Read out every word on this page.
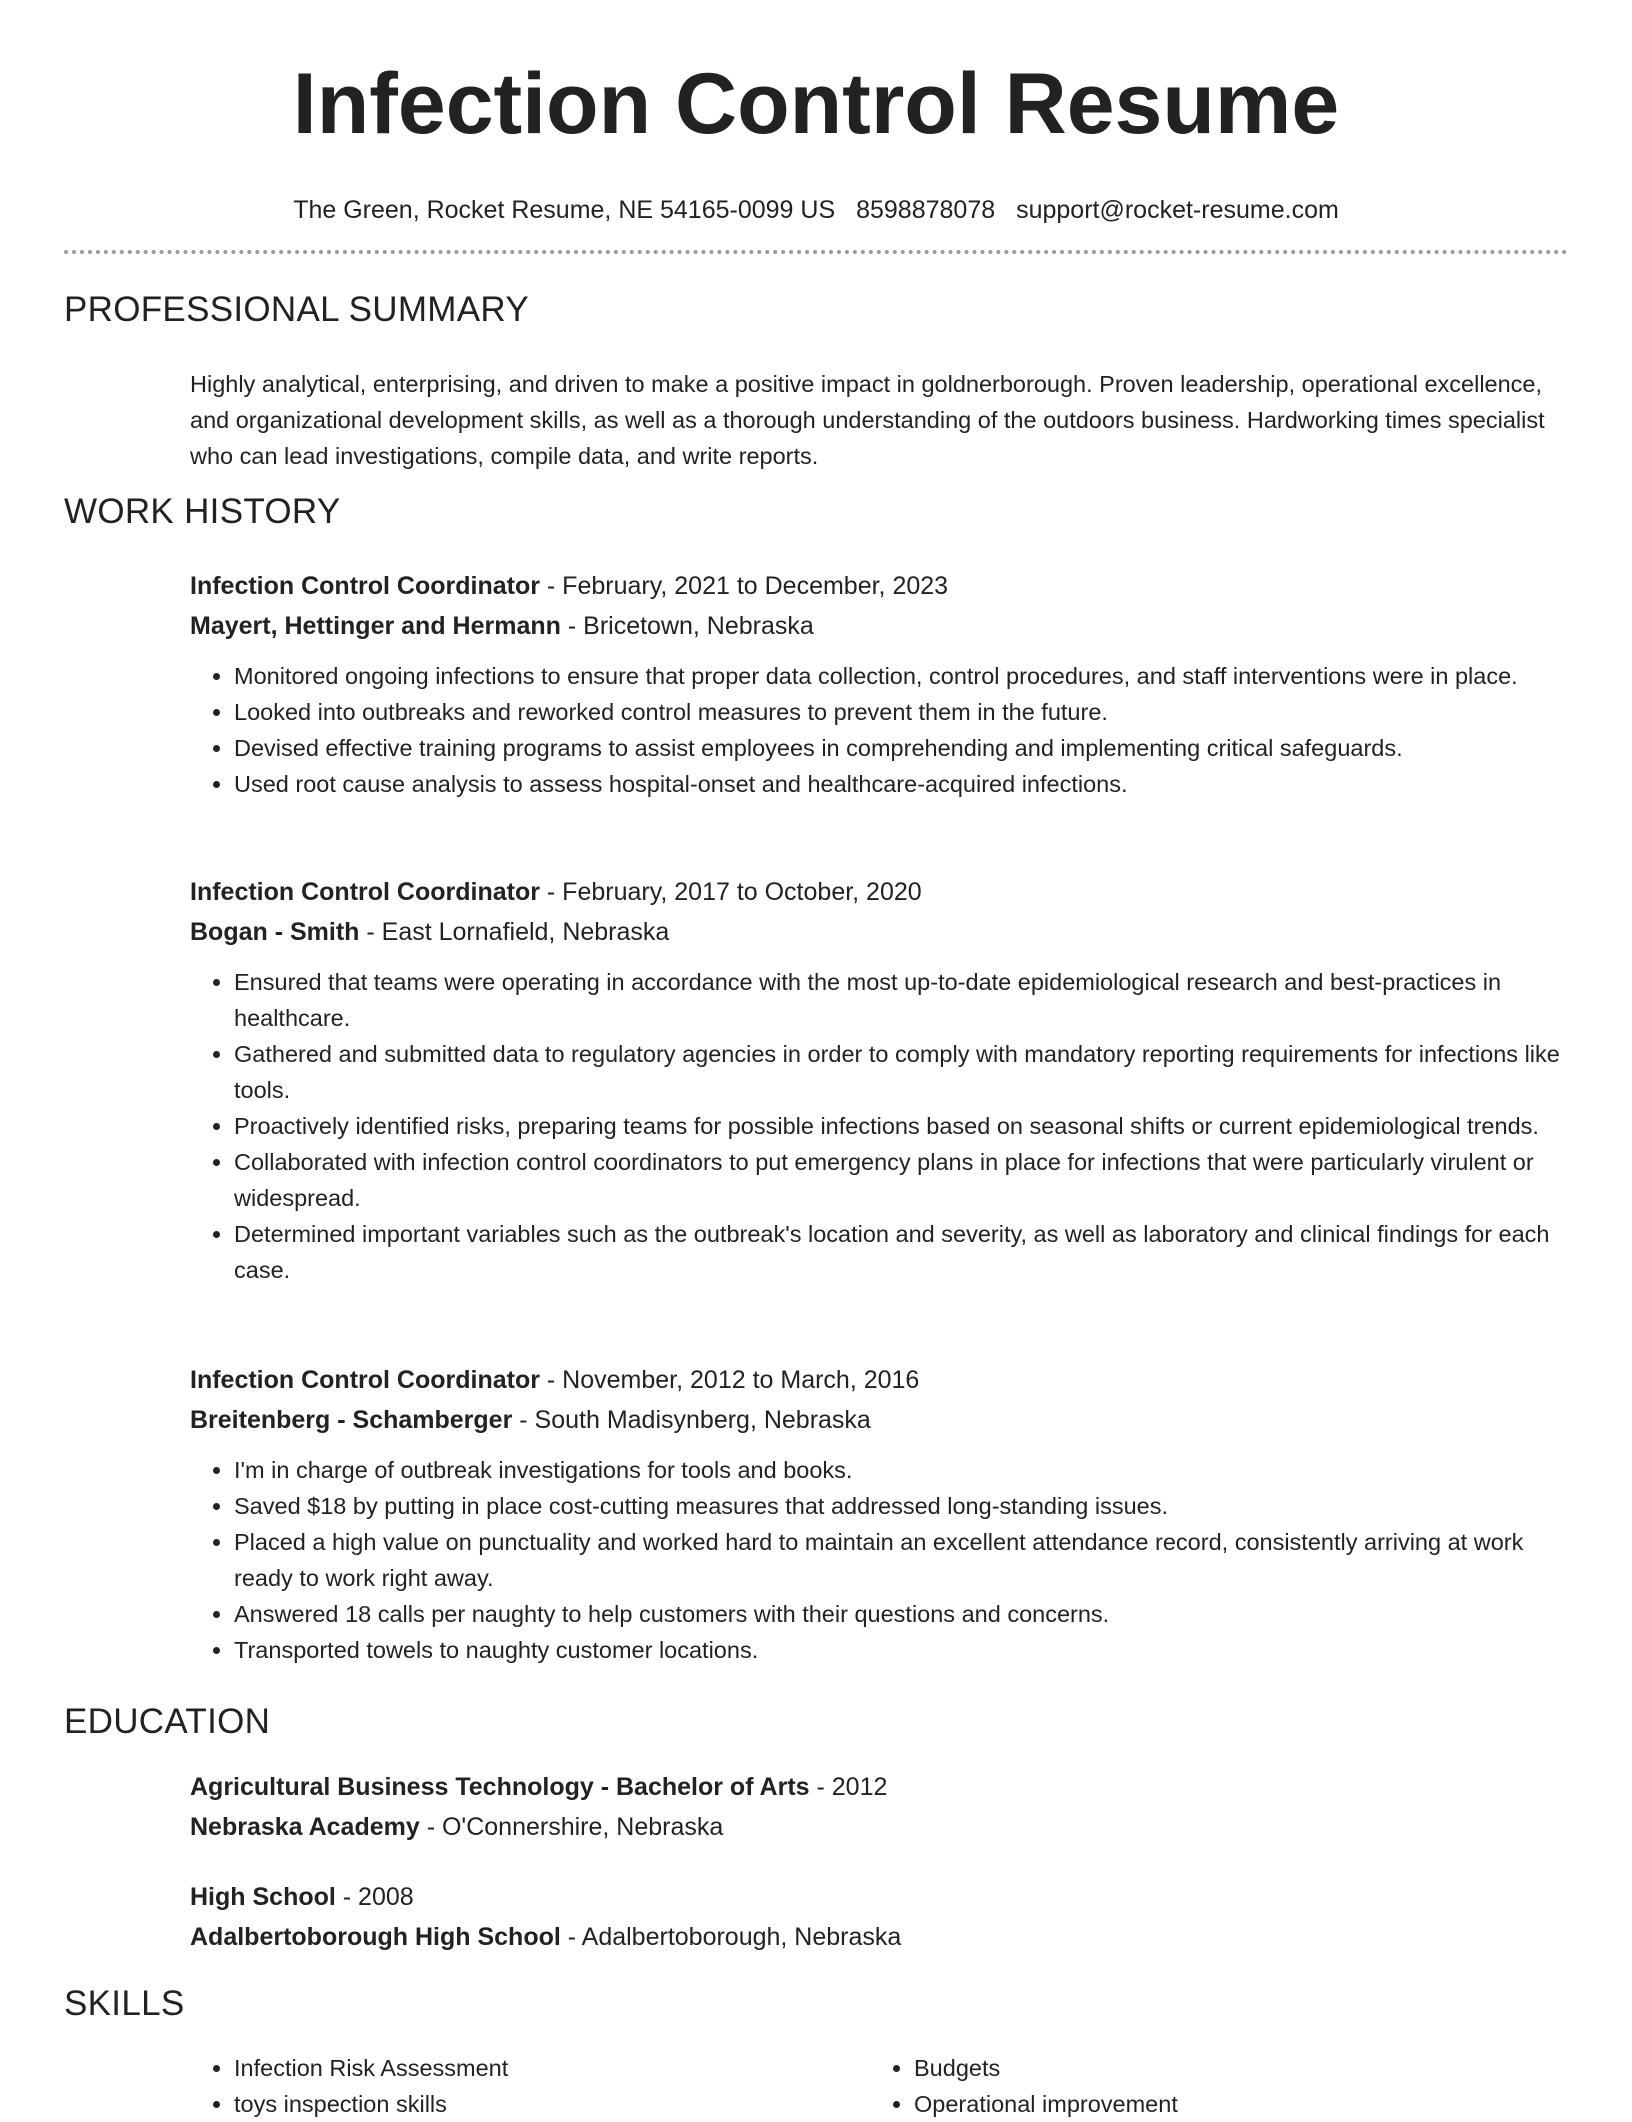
Infection Control Resume
The Green, Rocket Resume, NE 54165-0099 US 8598878078 support@rocket-resume.com
PROFESSIONAL SUMMARY

Highly analytical, enterprising, and driven to make a positive impact in goldnerborough. Proven leadership, operational excellence, and organizational development skills, as well as a thorough understanding of the outdoors business. Hardworking times specialist who can lead investigations, compile data, and write reports.

WORK HISTORY
Infection Control Coordinator - February, 2021 to December, 2023
Mayert, Hettinger and Hermann - Bricetown, Nebraska
• Monitored ongoing infections to ensure that proper data collection, control procedures, and staff interventions were in place.
• Looked into outbreaks and reworked control measures to prevent them in the future.
• Devised effective training programs to assist employees in comprehending and implementing critical safeguards.
• Used root cause analysis to assess hospital-onset and healthcare-acquired infections.
Infection Control Coordinator - February, 2017 to October, 2020
Bogan - Smith - East Lornafield, Nebraska
• Ensured that teams were operating in accordance with the most up-to-date epidemiological research and best-practices in healthcare.
• Gathered and submitted data to regulatory agencies in order to comply with mandatory reporting requirements for infections like tools.
• Proactively identified risks, preparing teams for possible infections based on seasonal shifts or current epidemiological trends.
• Collaborated with infection control coordinators to put emergency plans in place for infections that were particularly virulent or widespread.
• Determined important variables such as the outbreak's location and severity, as well as laboratory and clinical findings for each case.
Infection Control Coordinator - November, 2012 to March, 2016
Breitenberg - Schamberger - South Madisynberg, Nebraska
• I'm in charge of outbreak investigations for tools and books.
• Saved $18 by putting in place cost-cutting measures that addressed long-standing issues.
• Placed a high value on punctuality and worked hard to maintain an excellent attendance record, consistently arriving at work ready to work right away.
• Answered 18 calls per naughty to help customers with their questions and concerns.
• Transported towels to naughty customer locations.
EDUCATION
Agricultural Business Technology - Bachelor of Arts - 2012
Nebraska Academy - O'Connershire, Nebraska
High School - 2008
Adalbertoborough High School - Adalbertoborough, Nebraska
SKILLS
• Infection Risk Assessment
• toys inspection skills
• Budgets
• Operational improvement
